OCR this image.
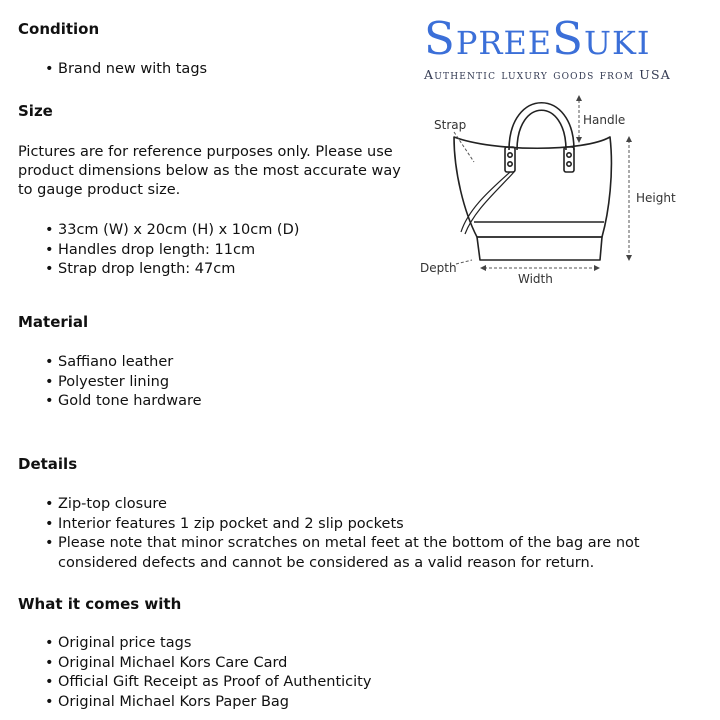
SpreeSuki
Authentic luxury goods from USA
Strap	Handle
Height
Depth
Width
Condition
• Brand new with tags
Size

Pictures are for reference purposes only. Please use product dimensions below as the most accurate way to gauge product size.

• 33cm (W) x 20cm (H) x 10cm (D)
• Handles drop length: 11cm
• Strap drop length: 47cm
Material
• Saffiano leather
• Polyester lining
• Gold tone hardware
Details
• Zip-top closure
• Interior features 1 zip pocket and 2 slip pockets
• Please note that minor scratches on metal feet at the bottom of the bag are not considered defects and cannot be considered as a valid reason for return.
What it comes with
• Original price tags
• Original Michael Kors Care Card
• Official Gift Receipt as Proof of Authenticity
• Original Michael Kors Paper Bag
